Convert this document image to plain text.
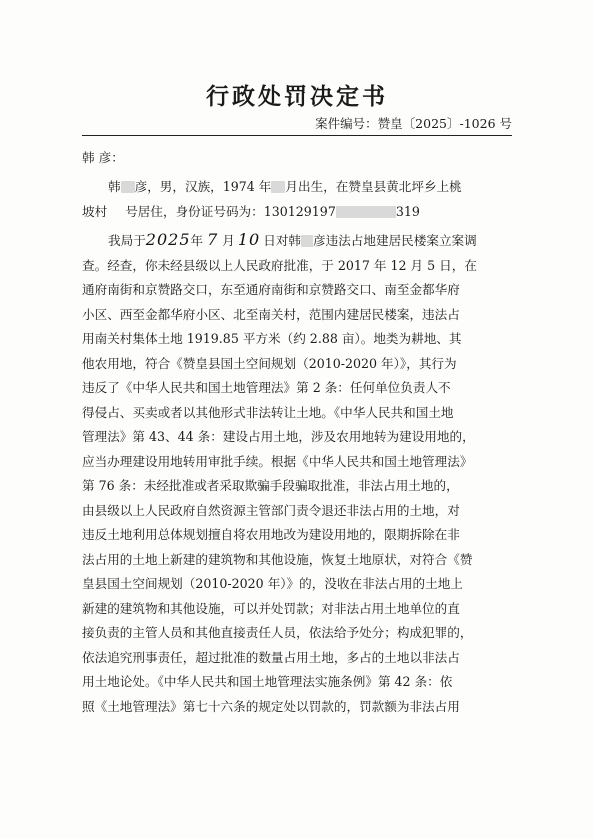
行政处罚决定书
案件编号：赞皇〔2025〕-1026 号
韩 彦：
韩 彦，男，汉族，1974 年 月出生，在赞皇县黄北坪乡上桃
坡村 号居住，身份证号码为：130129197	319
我局于2025年 7 月 10 日对韩 彦违法占地建居民楼案立案调
查。经查，你未经县级以上人民政府批准，于 2017 年 12 月 5 日，在
通府南街和京赞路交口，东至通府南街和京赞路交口、南至金都华府
小区、西至金都华府小区、北至南关村，范围内建居民楼案，违法占
用南关村集体土地 1919.85 平方米（约 2.88 亩）。地类为耕地、其
他农用地，符合《赞皇县国土空间规划（2010-2020 年）》，其行为
违反了《中华人民共和国土地管理法》第 2 条：任何单位负责人不
得侵占、买卖或者以其他形式非法转让土地。《中华人民共和国土地
管理法》第 43、44 条：建设占用土地，涉及农用地转为建设用地的，
应当办理建设用地转用审批手续。根据《中华人民共和国土地管理法》
第 76 条：未经批准或者采取欺骗手段骗取批准，非法占用土地的，
由县级以上人民政府自然资源主管部门责令退还非法占用的土地，对
违反土地利用总体规划擅自将农用地改为建设用地的，限期拆除在非
法占用的土地上新建的建筑物和其他设施，恢复土地原状，对符合《赞
皇县国土空间规划（2010-2020 年）》的，没收在非法占用的土地上
新建的建筑物和其他设施，可以并处罚款；对非法占用土地单位的直
接负责的主管人员和其他直接责任人员，依法给予处分；构成犯罪的，
依法追究刑事责任，超过批准的数量占用土地，多占的土地以非法占
用土地论处。《中华人民共和国土地管理法实施条例》第 42 条：依
照《土地管理法》第七十六条的规定处以罚款的，罚款额为非法占用
